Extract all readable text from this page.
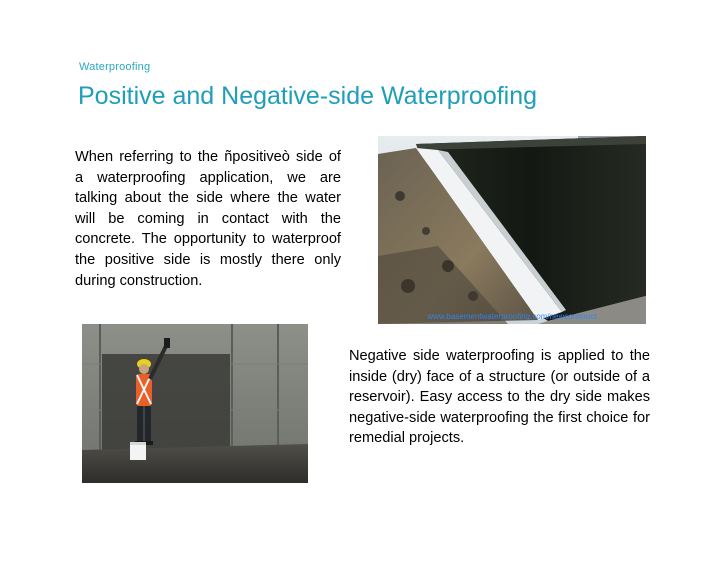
Waterproofing
Positive and Negative-side Waterproofing

When referring to the ñpositiveò side of a waterproofing application, we are talking about the side where the water will be coming in contact with the concrete. The opportunity to waterproof the positive side is mostly there only during construction.

www.basementwaterproofing.com/newconstruct

Negative side waterproofing is applied to the inside (dry) face of a structure (or outside of a reservoir). Easy access to the dry side makes negative-side waterproofing the first choice for remedial projects.
